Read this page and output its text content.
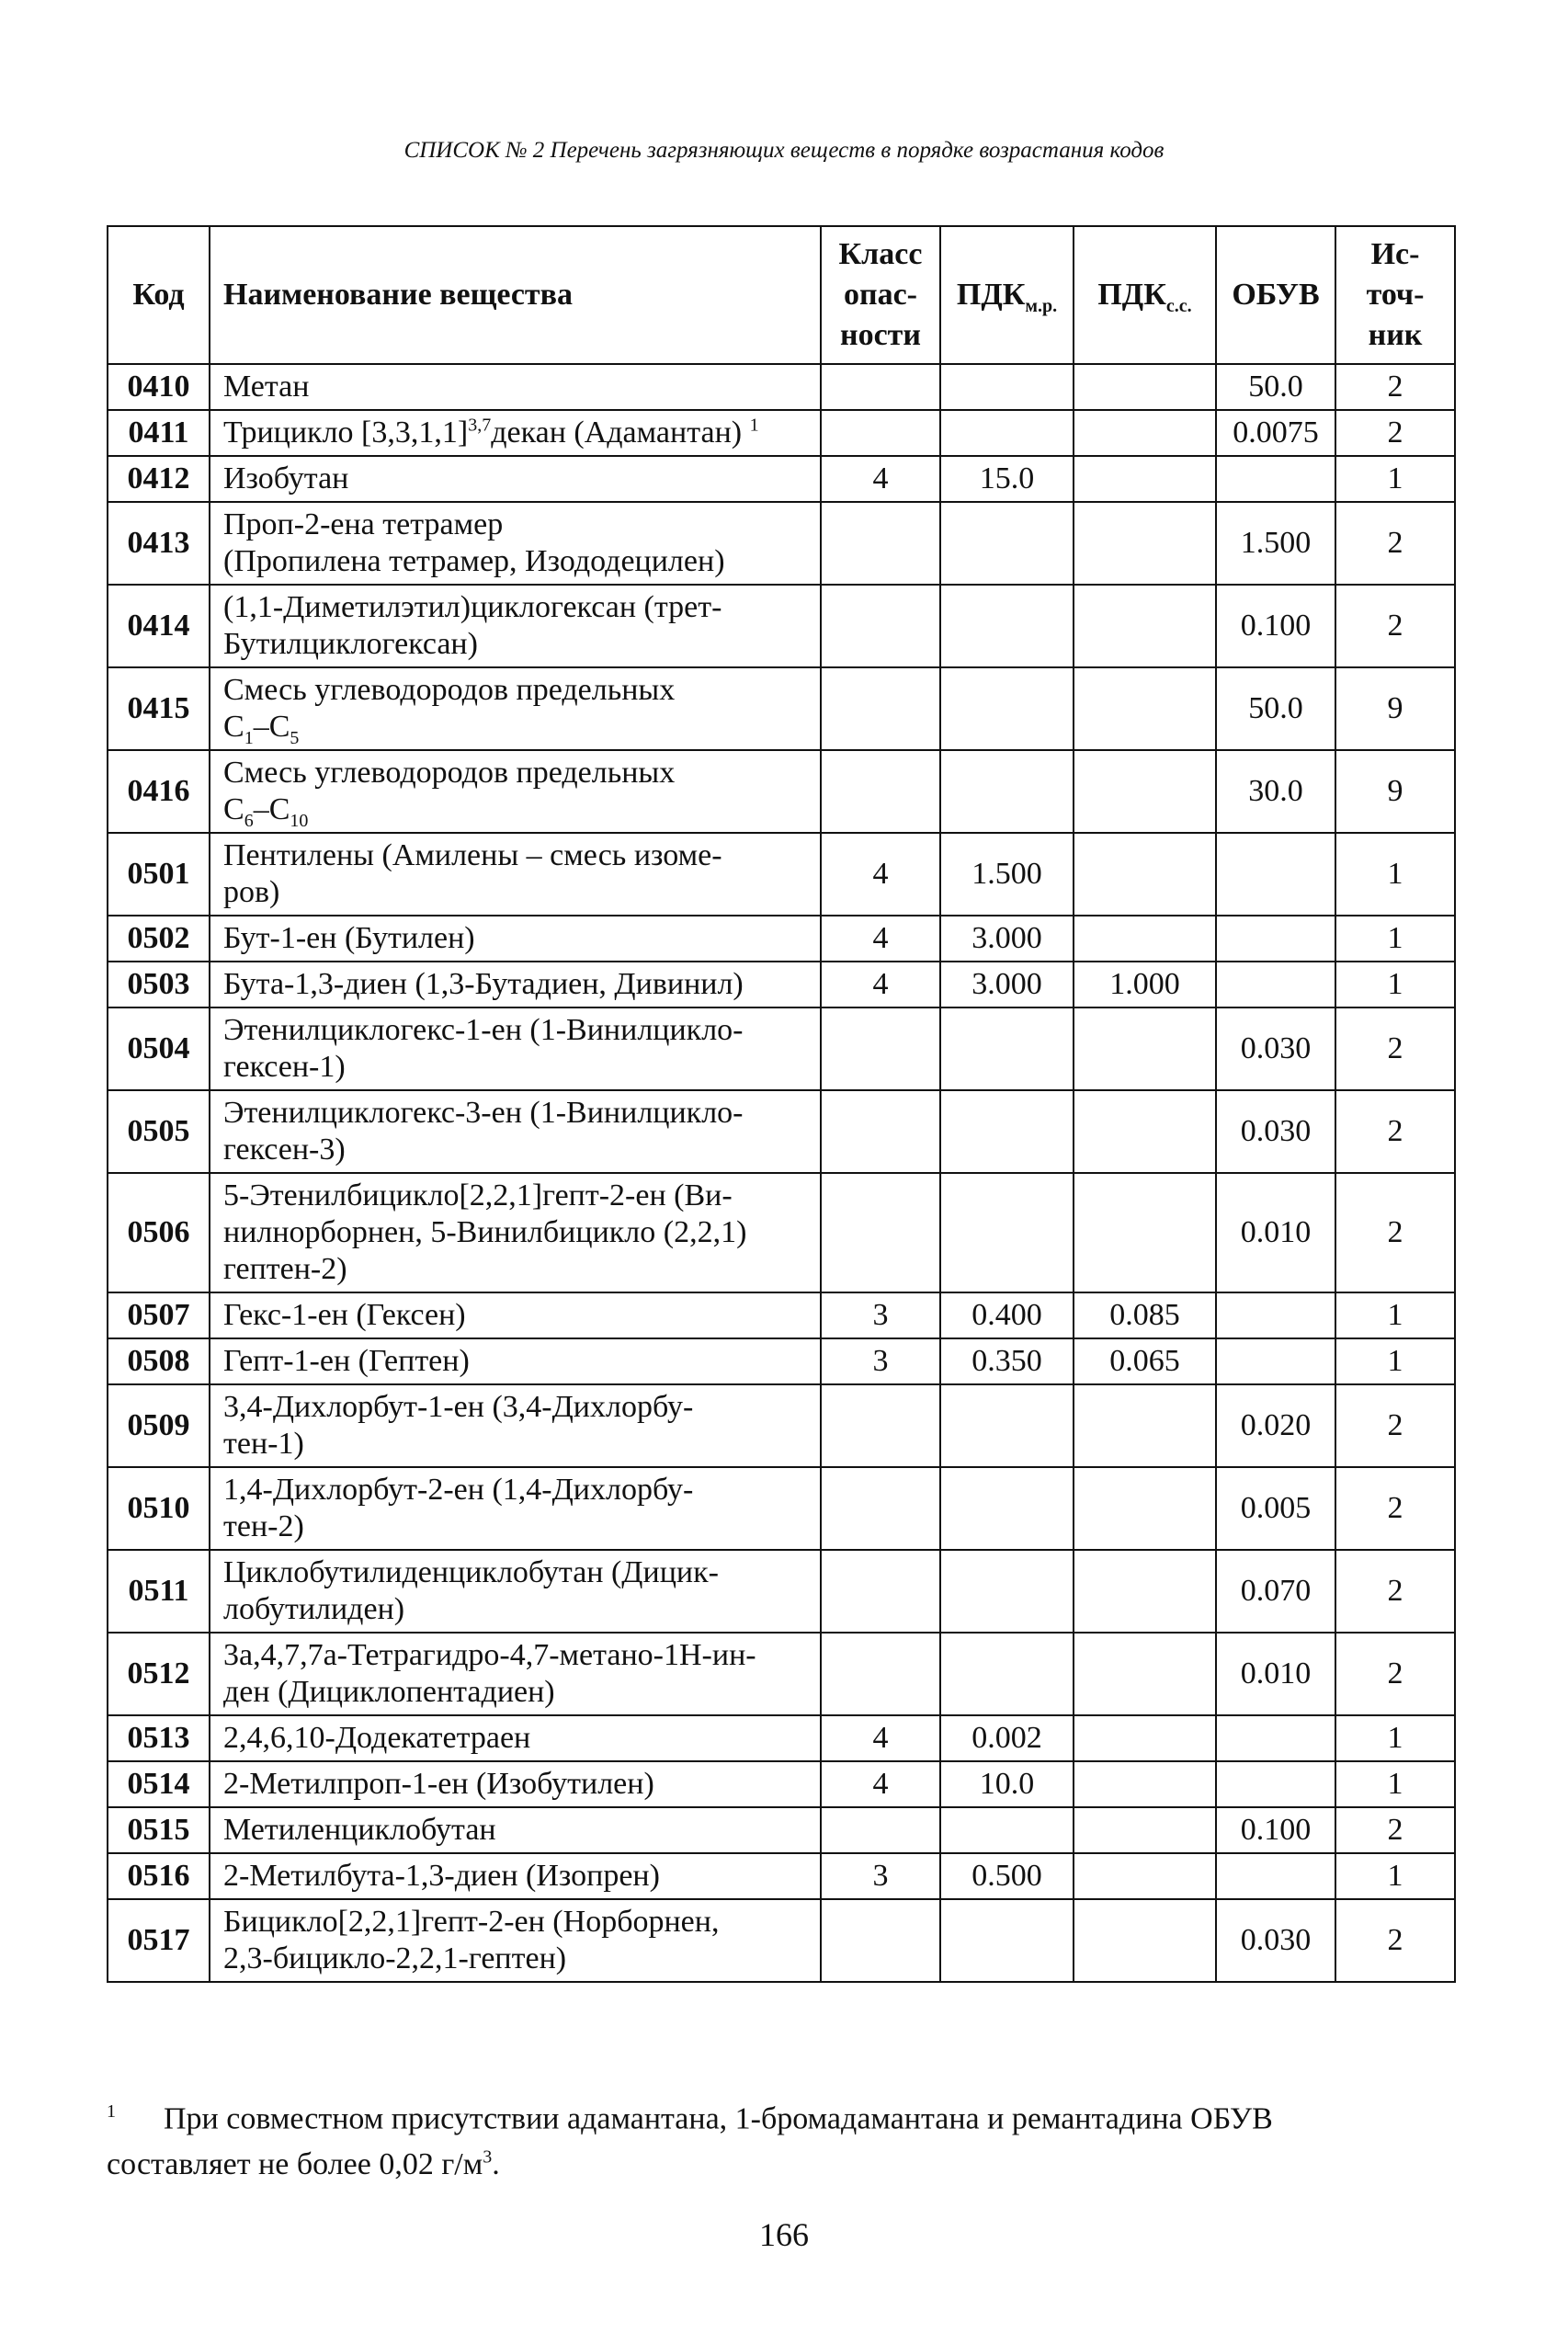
СПИСОК № 2 Перечень загрязняющих веществ в порядке возрастания кодов
Код	Наименование вещества	Класс
опас-
ности	$ПДК_{м.р.}$	$ПДК_{с.с.}$	ОБУВ	Ис-
точ-
ник
0410	Метан				50.0	2
0411	Трицикло $[3,3,1,1]^{3,7}декан$ (Адамантан) $^1$				0.0075	2
0412	Изобутан	4	15.0			1
0413	Проп-2-ена тетрамер
(Пропилена тетрамер, Изододецилен)				1.500	2
0414	(1,1-Диметилэтил)циклогексан (трет-
Бутилциклогексан)				0.100	2
0415	Смесь углеводородов предельных
$C_1-C_5$				50.0	9
0416	Смесь углеводородов предельных
$C_6-C_{10}$				30.0	9
0501	Пентилены (Амилены – смесь изоме-
ров)	4	1.500			1
0502	Бут-1-ен (Бутилен)	4	3.000			1
0503	Бута-1,3-диен (1,3-Бутадиен, Дивинил)	4	3.000	1.000		1
0504	Этенилциклогекс-1-ен (1-Винилцикло-
гексен-1)				0.030	2
0505	Этенилциклогекс-3-ен (1-Винилцикло-
гексен-3)				0.030	2
0506	5-Этенилбицикло[2,2,1]гепт-2-ен (Ви-
нилнорборнен, 5-Винилбицикло (2,2,1)
гептен-2)				0.010	2
0507	Гекс-1-ен (Гексен)	3	0.400	0.085		1
0508	Гепт-1-ен (Гептен)	3	0.350	0.065		1
0509	3,4-Дихлорбут-1-ен (3,4-Дихлорбу-
тен-1)				0.020	2
0510	1,4-Дихлорбут-2-ен (1,4-Дихлорбу-
тен-2)				0.005	2
0511	Циклобутилиденциклобутан (Дицик-
лобутилиден)				0.070	2
0512	3а,4,7,7а-Тетрагидро-4,7-метано-1Н-ин-
ден (Дициклопентадиен)				0.010	2
0513	2,4,6,10-Додекатетраен	4	0.002			1
0514	2-Метилпроп-1-ен (Изобутилен)	4	10.0			1
0515	Метиленциклобутан				0.100	2
0516	2-Метилбута-1,3-диен (Изопрен)	3	0.500			1
0517	Бицикло[2,2,1]гепт-2-ен (Норборнен,
2,3-бицикло-2,2,1-гептен)				0.030	2
$^1$ При совместном присутствии адамантана, 1-бромадамантана и ремантадина ОБУВ
составляет не более 0,02 $г/м^3$.
166
